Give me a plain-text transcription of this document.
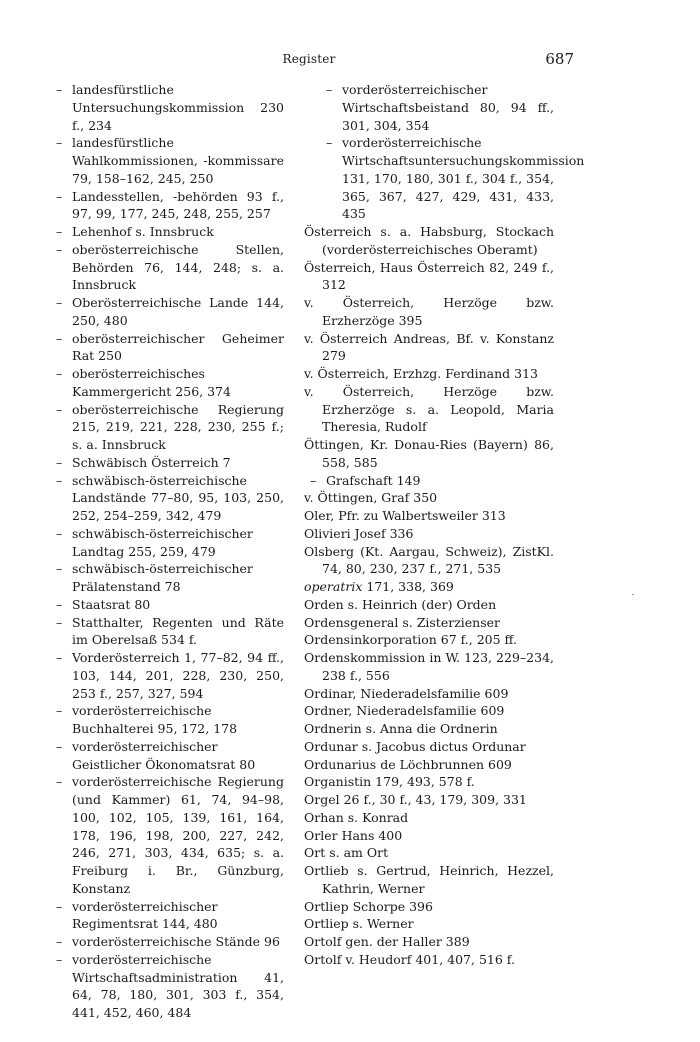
Register	687
– landesfürstliche Untersuchungskommission 230 f., 234
– landesfürstliche Wahlkommissionen, -kommissare 79, 158–162, 245, 250
– Landesstellen, -behörden 93 f., 97, 99, 177, 245, 248, 255, 257
– Lehenhof s. Innsbruck
– oberösterreichische Stellen, Behörden 76, 144, 248; s. a. Innsbruck
– Oberösterreichische Lande 144, 250, 480
– oberösterreichischer Geheimer Rat 250
– oberösterreichisches Kammergericht 256, 374
– oberösterreichische Regierung 215, 219, 221, 228, 230, 255 f.; s. a. Innsbruck
– Schwäbisch Österreich 7
– schwäbisch-österreichische Landstände 77–80, 95, 103, 250, 252, 254–259, 342, 479
– schwäbisch-österreichischer Landtag 255, 259, 479
– schwäbisch-österreichischer Prälatenstand 78
– Staatsrat 80
– Statthalter, Regenten und Räte im Oberelsaß 534 f.
– Vorderösterreich 1, 77–82, 94 ff., 103, 144, 201, 228, 230, 250, 253 f., 257, 327, 594
– vorderösterreichische Buchhalterei 95, 172, 178
– vorderösterreichischer Geistlicher Ökonomatsrat 80
– vorderösterreichische Regierung (und Kammer) 61, 74, 94–98, 100, 102, 105, 139, 161, 164, 178, 196, 198, 200, 227, 242, 246, 271, 303, 434, 635; s. a. Freiburg i. Br., Günzburg, Konstanz
– vorderösterreichischer Regimentsrat 144, 480
– vorderösterreichische Stände 96
– vorderösterreichische Wirtschaftsadministration 41, 64, 78, 180, 301, 303 f., 354, 441, 452, 460, 484
– vorderösterreichischer Wirtschaftsbeistand 80, 94 ff., 301, 304, 354
– vorderösterreichische Wirtschaftsuntersuchungskommission 131, 170, 180, 301 f., 304 f., 354, 365, 367, 427, 429, 431, 433, 435
Österreich s. a. Habsburg, Stockach (vorderösterreichisches Oberamt)
Österreich, Haus Österreich 82, 249 f., 312
v. Österreich, Herzöge bzw. Erzherzöge 395
v. Österreich Andreas, Bf. v. Konstanz 279
v. Österreich, Erzhzg. Ferdinand 313
v. Österreich, Herzöge bzw. Erzherzöge s. a. Leopold, Maria Theresia, Rudolf
Öttingen, Kr. Donau-Ries (Bayern) 86, 558, 585
– Grafschaft 149
v. Öttingen, Graf 350
Oler, Pfr. zu Walbertsweiler 313
Olivieri Josef 336
Olsberg (Kt. Aargau, Schweiz), ZistKl. 74, 80, 230, 237 f., 271, 535
operatrix 171, 338, 369
Orden s. Heinrich (der) Orden
Ordensgeneral s. Zisterzienser
Ordensinkorporation 67 f., 205 ff.
Ordenskommission in W. 123, 229–234, 238 f., 556
Ordinar, Niederadelsfamilie 609
Ordner, Niederadelsfamilie 609
Ordnerin s. Anna die Ordnerin
Ordunar s. Jacobus dictus Ordunar
Ordunarius de Löchbrunnen 609
Organistin 179, 493, 578 f.
Orgel 26 f., 30 f., 43, 179, 309, 331
Orhan s. Konrad
Orler Hans 400
Ort s. am Ort
Ortlieb s. Gertrud, Heinrich, Hezzel, Kathrin, Werner
Ortliep Schorpe 396
Ortliep s. Werner
Ortolf gen. der Haller 389
Ortolf v. Heudorf 401, 407, 516 f.
